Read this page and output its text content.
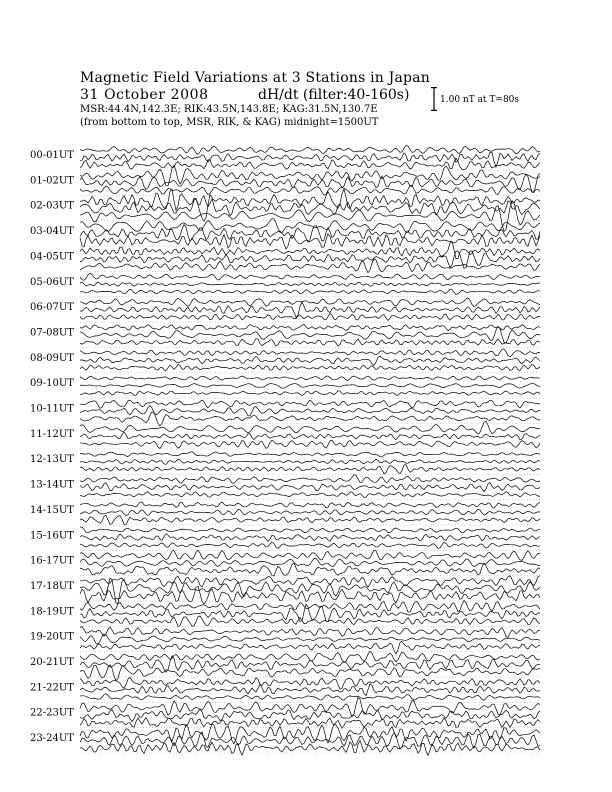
Magnetic Field Variations at 3 Stations in Japan
31 October 2008	dH/dt (filter:40-160s)
MSR:44.4N,142.3E; RIK:43.5N,143.8E; KAG:31.5N,130.7E
(from bottom to top, MSR, RIK, & KAG) midnight=1500UT
1.00 nT at T=80s
00-01UT
01-02UT
02-03UT
03-04UT
04-05UT
05-06UT
06-07UT
07-08UT
08-09UT
09-10UT
10-11UT
11-12UT
12-13UT
13-14UT
14-15UT
15-16UT
16-17UT
17-18UT
18-19UT
19-20UT
20-21UT
21-22UT
22-23UT
23-24UT
